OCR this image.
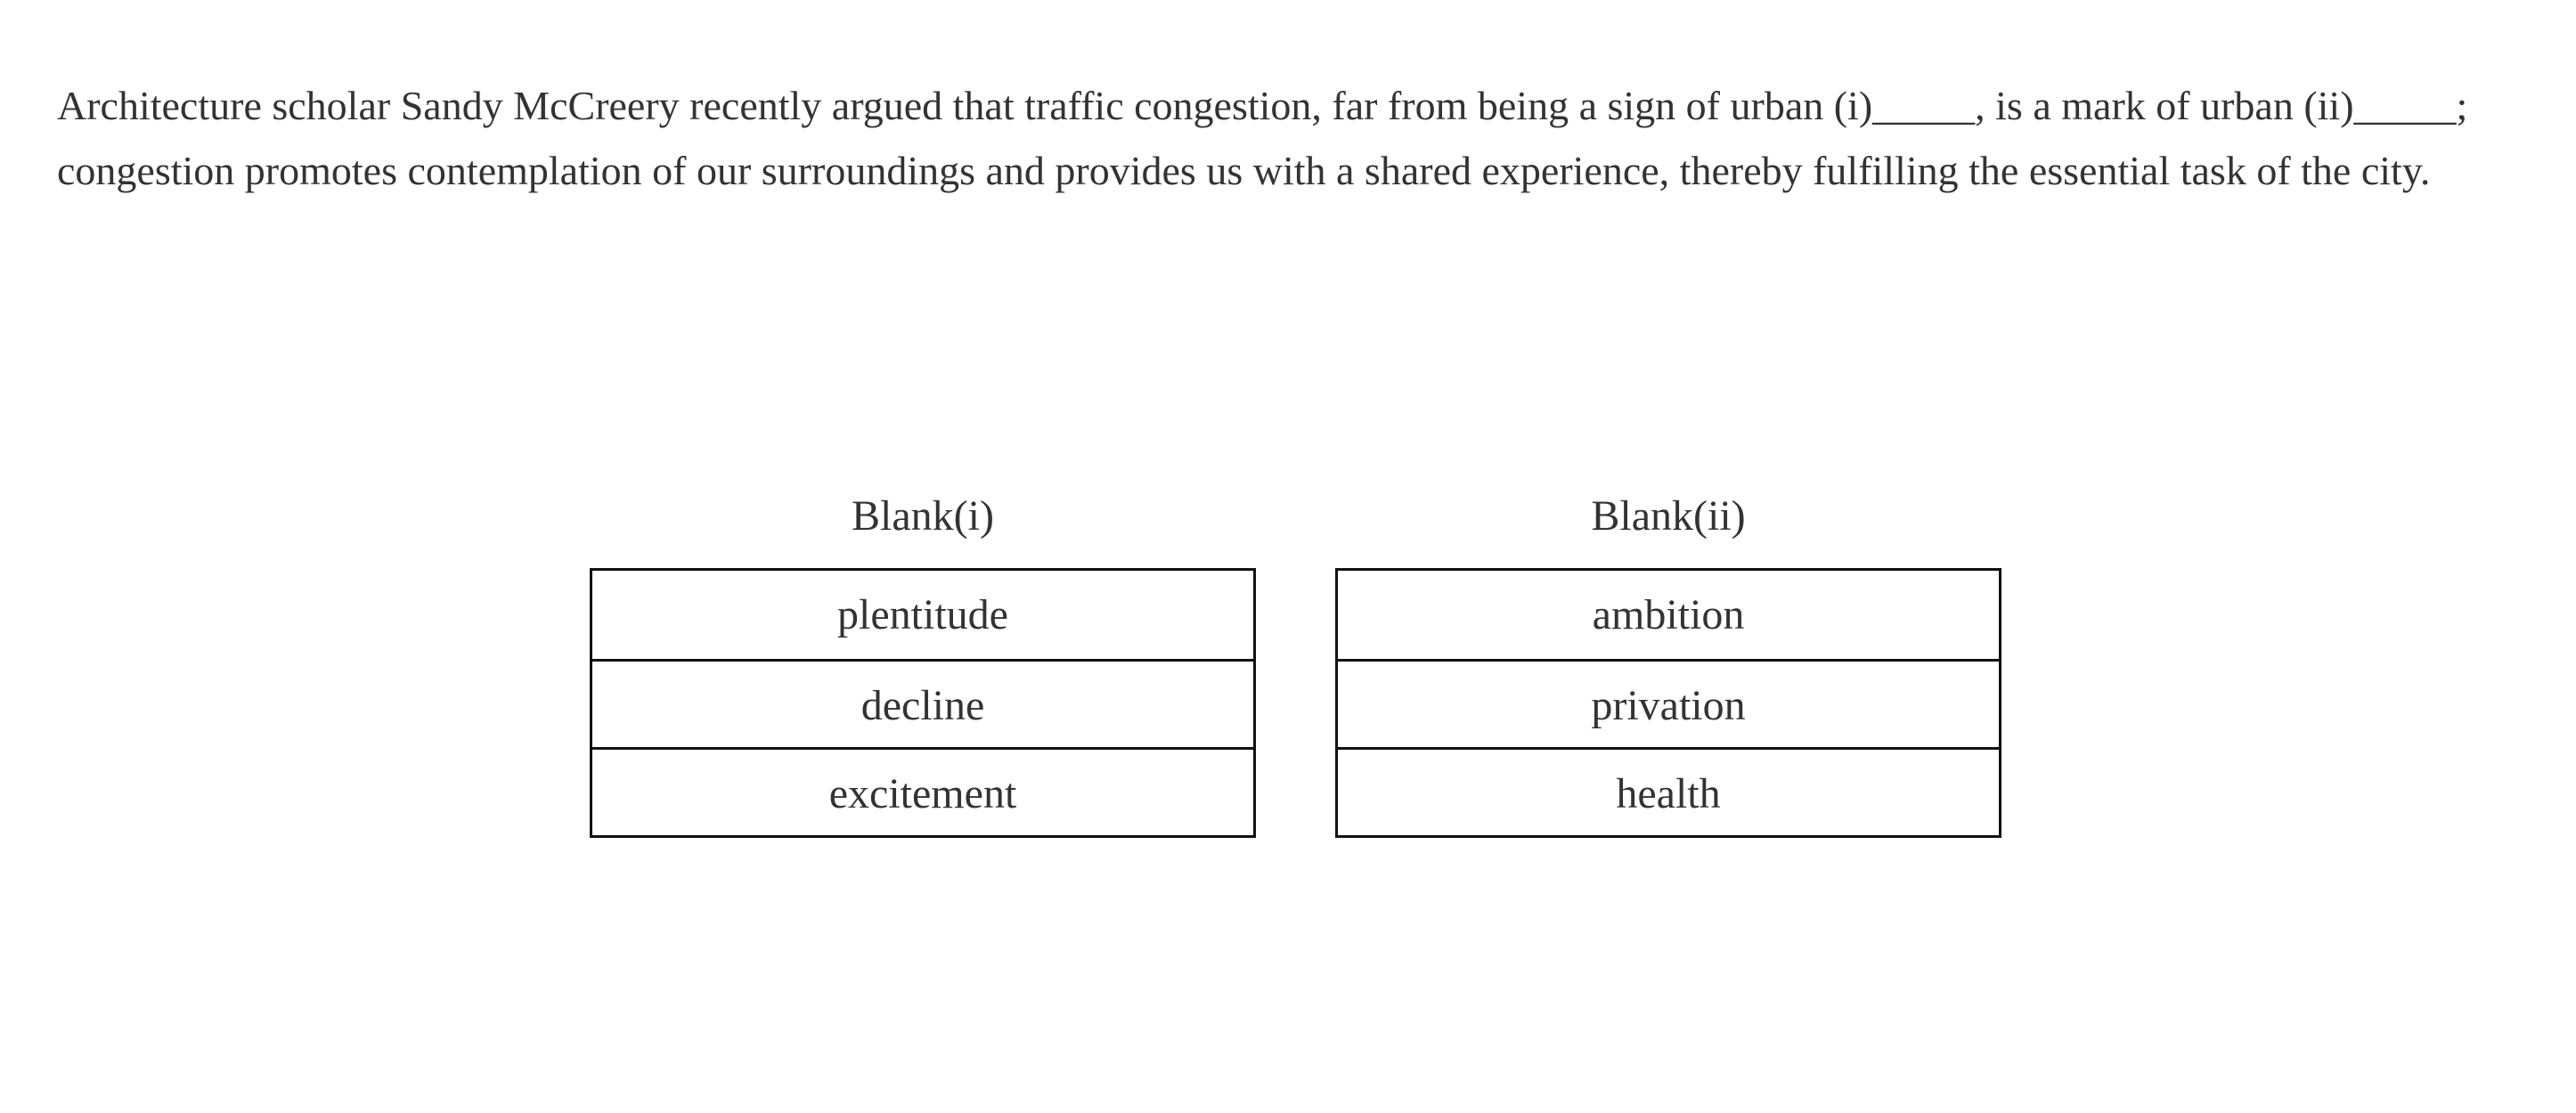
Architecture scholar Sandy McCreery recently argued that traffic congestion, far from being a sign of urban (i)_____, is a mark of urban (ii)_____; congestion promotes contemplation of our surroundings and provides us with a shared experience, thereby fulfilling the essential task of the city.

Blank(i)
plentitude
decline
excitement
Blank(ii)
ambition
privation
health
